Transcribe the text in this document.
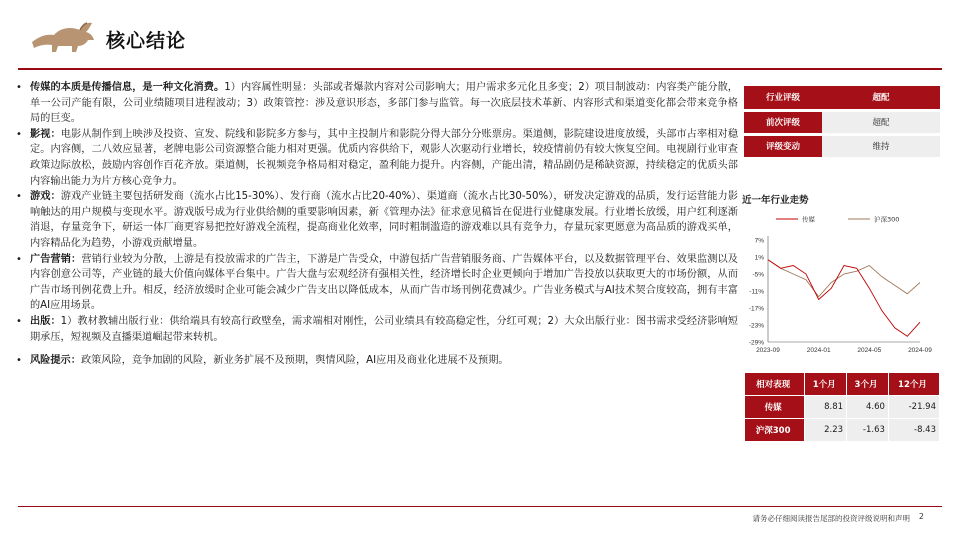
核心结论
• 传媒的本质是传播信息，是一种文化消费。1）内容属性明显：头部或者爆款内容对公司影响大；用户需求多元化且多变；2）项目制波动：内容类产能分散，单一公司产能有限，公司业绩随项目进程波动；3）政策管控：涉及意识形态，多部门参与监管。每一次底层技术革新、内容形式和渠道变化都会带来竞争格局的巨变。
• 影视：电影从制作到上映涉及投资、宣发、院线和影院多方参与，其中主投制片和影院分得大部分分账票房。渠道侧，影院建设进度放缓，头部市占率相对稳定。内容侧，二八效应显著，老牌电影公司资源整合能力相对更强。优质内容供给下，观影人次驱动行业增长，较疫情前仍有较大恢复空间。电视剧行业审查政策边际放松，鼓励内容创作百花齐放。渠道侧，长视频竞争格局相对稳定，盈利能力提升。内容侧，产能出清，精品剧仍是稀缺资源，持续稳定的优质头部内容输出能力为片方核心竞争力。
• 游戏：游戏产业链主要包括研发商（流水占比15-30%）、发行商（流水占比20-40%）、渠道商（流水占比30-50%），研发决定游戏的品质，发行运营能力影响触达的用户规模与变现水平。游戏版号成为行业供给侧的重要影响因素，新《管理办法》征求意见稿旨在促进行业健康发展。行业增长放缓，用户红利逐渐消退，存量竞争下，研运一体厂商更容易把控好游戏全流程，提高商业化效率，同时粗制滥造的游戏难以具有竞争力，存量玩家更愿意为高品质的游戏买单，内容精品化为趋势，小游戏贡献增量。
• 广告营销：营销行业较为分散，上游是有投放需求的广告主，下游是广告受众，中游包括广告营销服务商、广告媒体平台，以及数据管理平台、效果监测以及内容创意公司等，产业链的最大价值向媒体平台集中。广告大盘与宏观经济有强相关性，经济增长时企业更倾向于增加广告投放以获取更大的市场份额，从而广告市场刊例花费上升。相反，经济放缓时企业可能会减少广告支出以降低成本，从而广告市场刊例花费减少。广告业务模式与AI技术契合度较高，拥有丰富的AI应用场景。
• 出版：1）教材教辅出版行业：供给端具有较高行政壁垒，需求端相对刚性，公司业绩具有较高稳定性，分红可观；2）大众出版行业：图书需求受经济影响短期承压，短视频及直播渠道崛起带来转机。
• 风险提示：政策风险，竞争加剧的风险，新业务扩展不及预期，舆情风险，AI应用及商业化进展不及预期。
行业评级	超配
前次评级	超配
评级变动	维持
近一年行业走势
7%
1%
-5%
-11%
-17%
-23%
-29%
2023-09	2024-01	2024-05	2024-09
传媒	沪深300
相对表现	1个月	3个月	12个月
传媒	8.81	4.60	-21.94
沪深300	2.23	-1.63	-8.43
请务必仔细阅读报告尾部的投资评级说明和声明 2
